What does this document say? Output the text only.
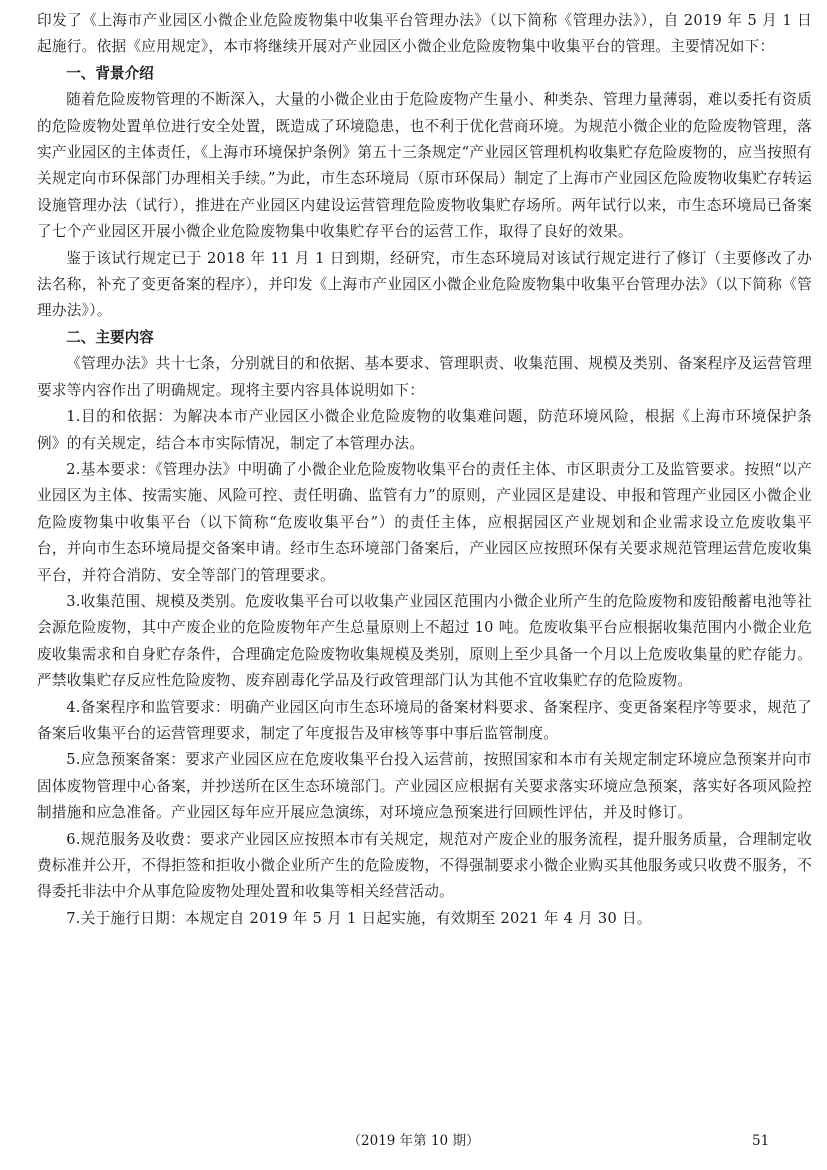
印发了《上海市产业园区小微企业危险废物集中收集平台管理办法》（以下简称《管理办法》），自 2019 年 5 月 1 日起施行。依据《应用规定》，本市将继续开展对产业园区小微企业危险废物集中收集平台的管理。主要情况如下：

一、背景介绍

随着危险废物管理的不断深入，大量的小微企业由于危险废物产生量小、种类杂、管理力量薄弱，难以委托有资质的危险废物处置单位进行安全处置，既造成了环境隐患，也不利于优化营商环境。为规范小微企业的危险废物管理，落实产业园区的主体责任，《上海市环境保护条例》第五十三条规定“产业园区管理机构收集贮存危险废物的，应当按照有关规定向市环保部门办理相关手续。”为此，市生态环境局（原市环保局）制定了上海市产业园区危险废物收集贮存转运设施管理办法（试行），推进在产业园区内建设运营管理危险废物收集贮存场所。两年试行以来，市生态环境局已备案了七个产业园区开展小微企业危险废物集中收集贮存平台的运营工作，取得了良好的效果。

鉴于该试行规定已于 2018 年 11 月 1 日到期，经研究，市生态环境局对该试行规定进行了修订（主要修改了办法名称，补充了变更备案的程序），并印发《上海市产业园区小微企业危险废物集中收集平台管理办法》（以下简称《管理办法》）。

二、主要内容

《管理办法》共十七条，分别就目的和依据、基本要求、管理职责、收集范围、规模及类别、备案程序及运营管理要求等内容作出了明确规定。现将主要内容具体说明如下：

1.目的和依据：为解决本市产业园区小微企业危险废物的收集难问题，防范环境风险，根据《上海市环境保护条例》的有关规定，结合本市实际情况，制定了本管理办法。

2.基本要求：《管理办法》中明确了小微企业危险废物收集平台的责任主体、市区职责分工及监管要求。按照“以产业园区为主体、按需实施、风险可控、责任明确、监管有力”的原则，产业园区是建设、申报和管理产业园区小微企业危险废物集中收集平台（以下简称“危废收集平台”）的责任主体，应根据园区产业规划和企业需求设立危废收集平台，并向市生态环境局提交备案申请。经市生态环境部门备案后，产业园区应按照环保有关要求规范管理运营危废收集平台，并符合消防、安全等部门的管理要求。

3.收集范围、规模及类别。危废收集平台可以收集产业园区范围内小微企业所产生的危险废物和废铅酸蓄电池等社会源危险废物，其中产废企业的危险废物年产生总量原则上不超过 10 吨。危废收集平台应根据收集范围内小微企业危废收集需求和自身贮存条件，合理确定危险废物收集规模及类别，原则上至少具备一个月以上危废收集量的贮存能力。严禁收集贮存反应性危险废物、废弃剧毒化学品及行政管理部门认为其他不宜收集贮存的危险废物。

4.备案程序和监管要求：明确产业园区向市生态环境局的备案材料要求、备案程序、变更备案程序等要求，规范了备案后收集平台的运营管理要求，制定了年度报告及审核等事中事后监管制度。

5.应急预案备案：要求产业园区应在危废收集平台投入运营前，按照国家和本市有关规定制定环境应急预案并向市固体废物管理中心备案，并抄送所在区生态环境部门。产业园区应根据有关要求落实环境应急预案，落实好各项风险控制措施和应急准备。产业园区每年应开展应急演练，对环境应急预案进行回顾性评估，并及时修订。

6.规范服务及收费：要求产业园区应按照本市有关规定，规范对产废企业的服务流程，提升服务质量，合理制定收费标准并公开，不得拒签和拒收小微企业所产生的危险废物，不得强制要求小微企业购买其他服务或只收费不服务，不得委托非法中介从事危险废物处理处置和收集等相关经营活动。

7.关于施行日期：本规定自 2019 年 5 月 1 日起实施，有效期至 2021 年 4 月 30 日。

（2019 年第 10 期）	51
